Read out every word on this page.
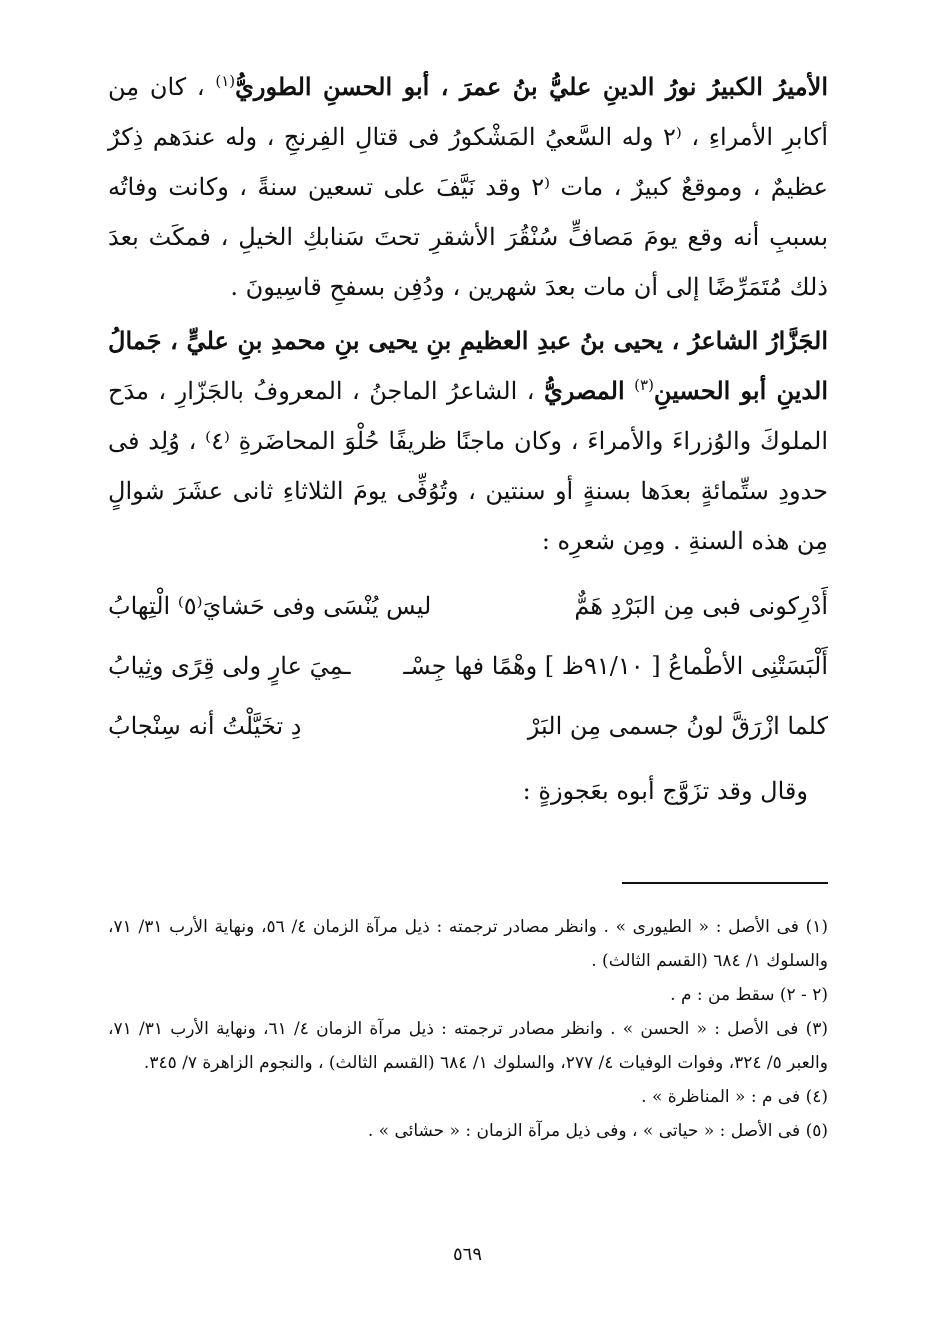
الأميرُ الكبيرُ نورُ الدينِ عليُّ بنُ عمرَ ، أبو الحسنِ الطوريُّ$^{(١)}$ ، كان مِن أكابرِ الأمراءِ ، ⁽٢ وله السَّعيُ المَشْكورُ فى قتالِ الفِرنجِ ، وله عندَهم ذِكرٌ عظيمٌ ، وموقعٌ كبيرٌ ، مات ⁽٢ وقد نَيَّفَ على تسعين سنةً ، وكانت وفاتُه بسببِ أنه وقع يومَ مَصافٍّ سُنْقُرَ الأشقرِ تحتَ سَنابكِ الخيلِ ، فمكَث بعدَ ذلك مُتَمَرِّضًا إلى أن مات بعدَ شهرين ، ودُفِن بسفحِ قاسِيونَ .

الجَزَّارُ الشاعرُ ، يحيى بنُ عبدِ العظيمِ بنِ يحيى بنِ محمدِ بنِ عليٍّ ، جَمالُ الدينِ أبو الحسينِ$^{(٣)}$ المصريُّ ، الشاعرُ الماجنُ ، المعروفُ بالجَزّارِ ، مدَح الملوكَ والوُزراءَ والأمراءَ ، وكان ماجنًا ظريفًا حُلْوَ المحاضَرةِ ⁽٤⁾ ، وُلِد فى حدودِ ستِّمائةٍ بعدَها بسنةٍ أو سنتين ، وتُوُفِّى يومَ الثلاثاءِ ثانى عشَرَ شوالٍ مِن هذه السنةِ . ومِن شعرِه :

أَدْرِكونى فبى مِن البَرْدِ هَمٌّ
ليس يُنْسَى وفى حَشايَ⁽٥⁾ الْتِهابُ
أَلْبَسَتْنِى الأطْماعُ [ ٩١/١٠ظ ] وهْمًا فها جِسْـ
ـمِيَ عارٍ ولى قِرًى وثِيابُ
كلما ازْرَقَّ لونُ جسمى مِن البَرْ
دِ تخَيَّلْتُ أنه سِنْجابُ
وقال وقد تزَوَّج أبوه بعَجوزةٍ :

(١) فى الأصل : « الطيورى » . وانظر مصادر ترجمته : ذيل مرآة الزمان ٤/ ٥٦، ونهاية الأرب ٣١/ ٧١، والسلوك ١/ ٦٨٤ (القسم الثالث) .

(٢ - ٢) سقط من : م .

(٣) فى الأصل : « الحسن » . وانظر مصادر ترجمته : ذيل مرآة الزمان ٤/ ٦١، ونهاية الأرب ٣١/ ٧١، والعبر ٥/ ٣٢٤، وفوات الوفيات ٤/ ٢٧٧، والسلوك ١/ ٦٨٤ (القسم الثالث) ، والنجوم الزاهرة ٧/ ٣٤٥.

(٤) فى م : « المناظرة » .

(٥) فى الأصل : « حياتى » ، وفى ذيل مرآة الزمان : « حشائى » .

٥٦٩
